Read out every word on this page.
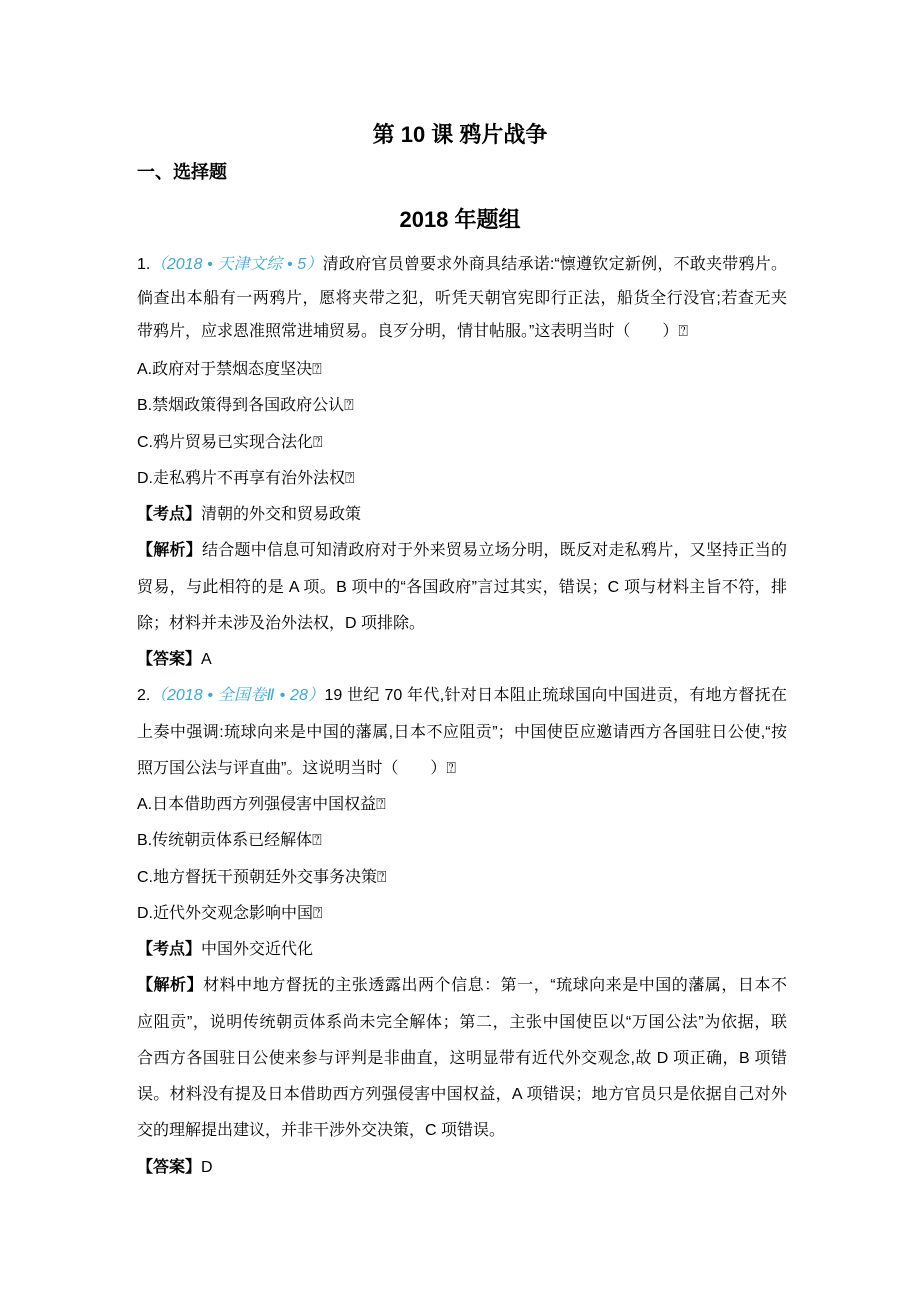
第 10 课 鸦片战争
一、选择题
2018 年题组
1.（2018 • 天津文综 • 5）清政府官员曾要求外商具结承诺:“懔遵钦定新例，不敢夹带鸦片。
倘查出本船有一两鸦片，愿将夹带之犯，听凭天朝官宪即行正法，船货全行没官;若查无夹
带鸦片，应求恩准照常进埔贸易。良歹分明，情甘帖服。”这表明当时（　　）⍰
A.政府对于禁烟态度坚决⍰
B.禁烟政策得到各国政府公认⍰
C.鸦片贸易已实现合法化⍰
D.走私鸦片不再享有治外法权⍰
【考点】清朝的外交和贸易政策
【解析】结合题中信息可知清政府对于外来贸易立场分明，既反对走私鸦片，又坚持正当的
贸易，与此相符的是 A 项。B 项中的“各国政府”言过其实，错误；C 项与材料主旨不符，排
除；材料并未涉及治外法权，D 项排除。
【答案】A
2.（2018 • 全国卷Ⅱ • 28）19 世纪 70 年代,针对日本阻止琉球国向中国进贡，有地方督抚在
上奏中强调:琉球向来是中国的藩属,日本不应阻贡”；中国使臣应邀请西方各国驻日公使,“按
照万国公法与评直曲”。这说明当时（　　）⍰
A.日本借助西方列强侵害中国权益⍰
B.传统朝贡体系已经解体⍰
C.地方督抚干预朝廷外交事务决策⍰
D.近代外交观念影响中国⍰
【考点】中国外交近代化
【解析】材料中地方督抚的主张透露出两个信息：第一，“琉球向来是中国的藩属，日本不
应阻贡”，说明传统朝贡体系尚未完全解体；第二，主张中国使臣以“万国公法”为依据，联
合西方各国驻日公使来参与评判是非曲直，这明显带有近代外交观念,故 D 项正确，B 项错
误。材料没有提及日本借助西方列强侵害中国权益，A 项错误；地方官员只是依据自己对外
交的理解提出建议，并非干涉外交决策，C 项错误。
【答案】D
